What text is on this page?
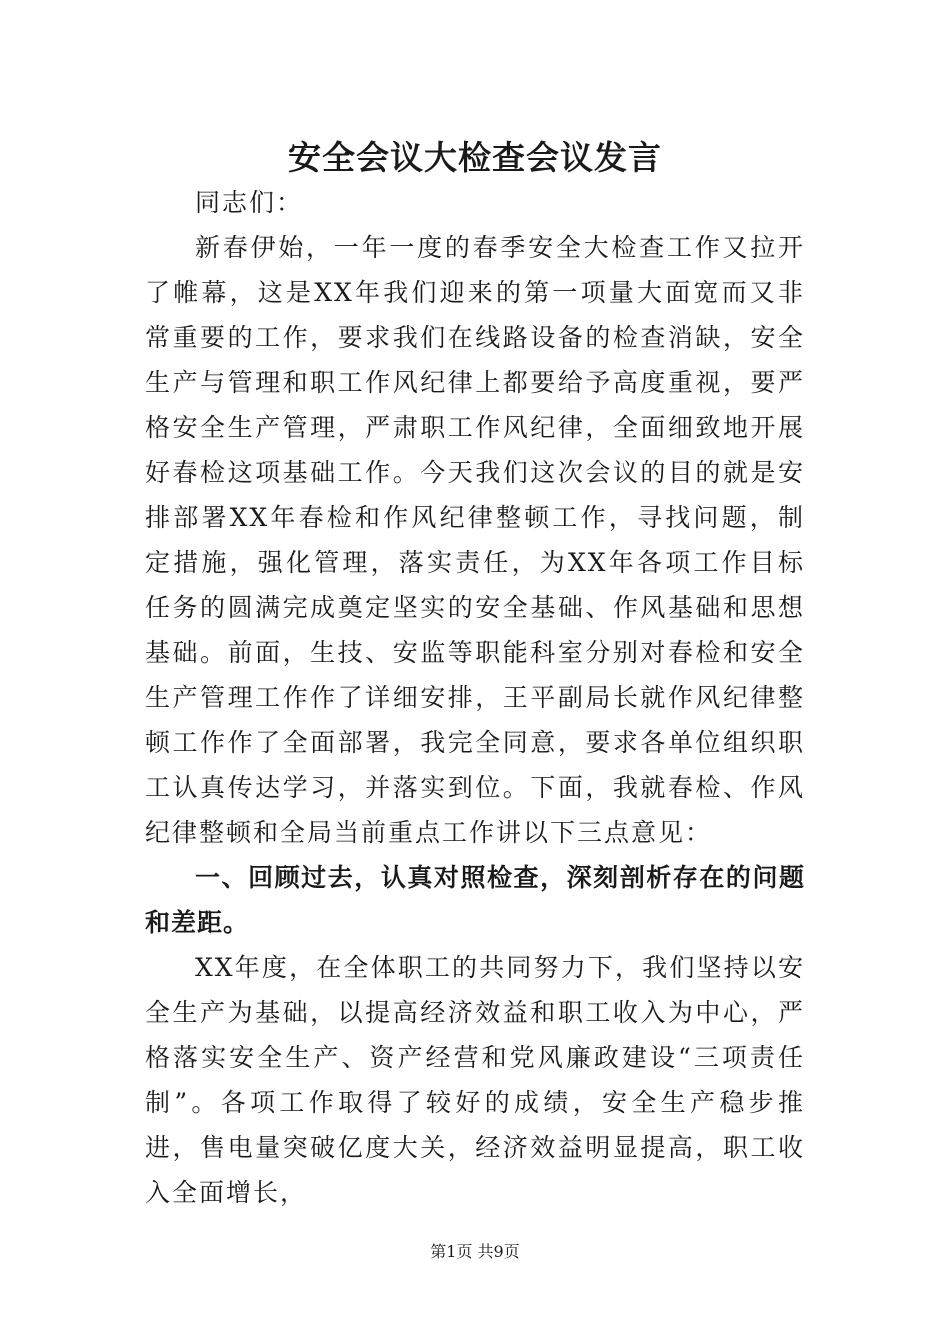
安全会议大检查会议发言

同志们：

新春伊始，一年一度的春季安全大检查工作又拉开了帷幕，这是XX年我们迎来的第一项量大面宽而又非常重要的工作，要求我们在线路设备的检查消缺，安全生产与管理和职工作风纪律上都要给予高度重视，要严格安全生产管理，严肃职工作风纪律，全面细致地开展好春检这项基础工作。今天我们这次会议的目的就是安排部署XX年春检和作风纪律整顿工作，寻找问题，制定措施，强化管理，落实责任，为XX年各项工作目标任务的圆满完成奠定坚实的安全基础、作风基础和思想基础。前面，生技、安监等职能科室分别对春检和安全生产管理工作作了详细安排，王平副局长就作风纪律整顿工作作了全面部署，我完全同意，要求各单位组织职工认真传达学习，并落实到位。下面，我就春检、作风纪律整顿和全局当前重点工作讲以下三点意见：

一、回顾过去，认真对照检查，深刻剖析存在的问题和差距。

XX年度，在全体职工的共同努力下，我们坚持以安全生产为基础，以提高经济效益和职工收入为中心，严格落实安全生产、资产经营和党风廉政建设“三项责任制”。各项工作取得了较好的成绩，安全生产稳步推进，售电量突破亿度大关，经济效益明显提高，职工收入全面增长，

第1页 共9页
